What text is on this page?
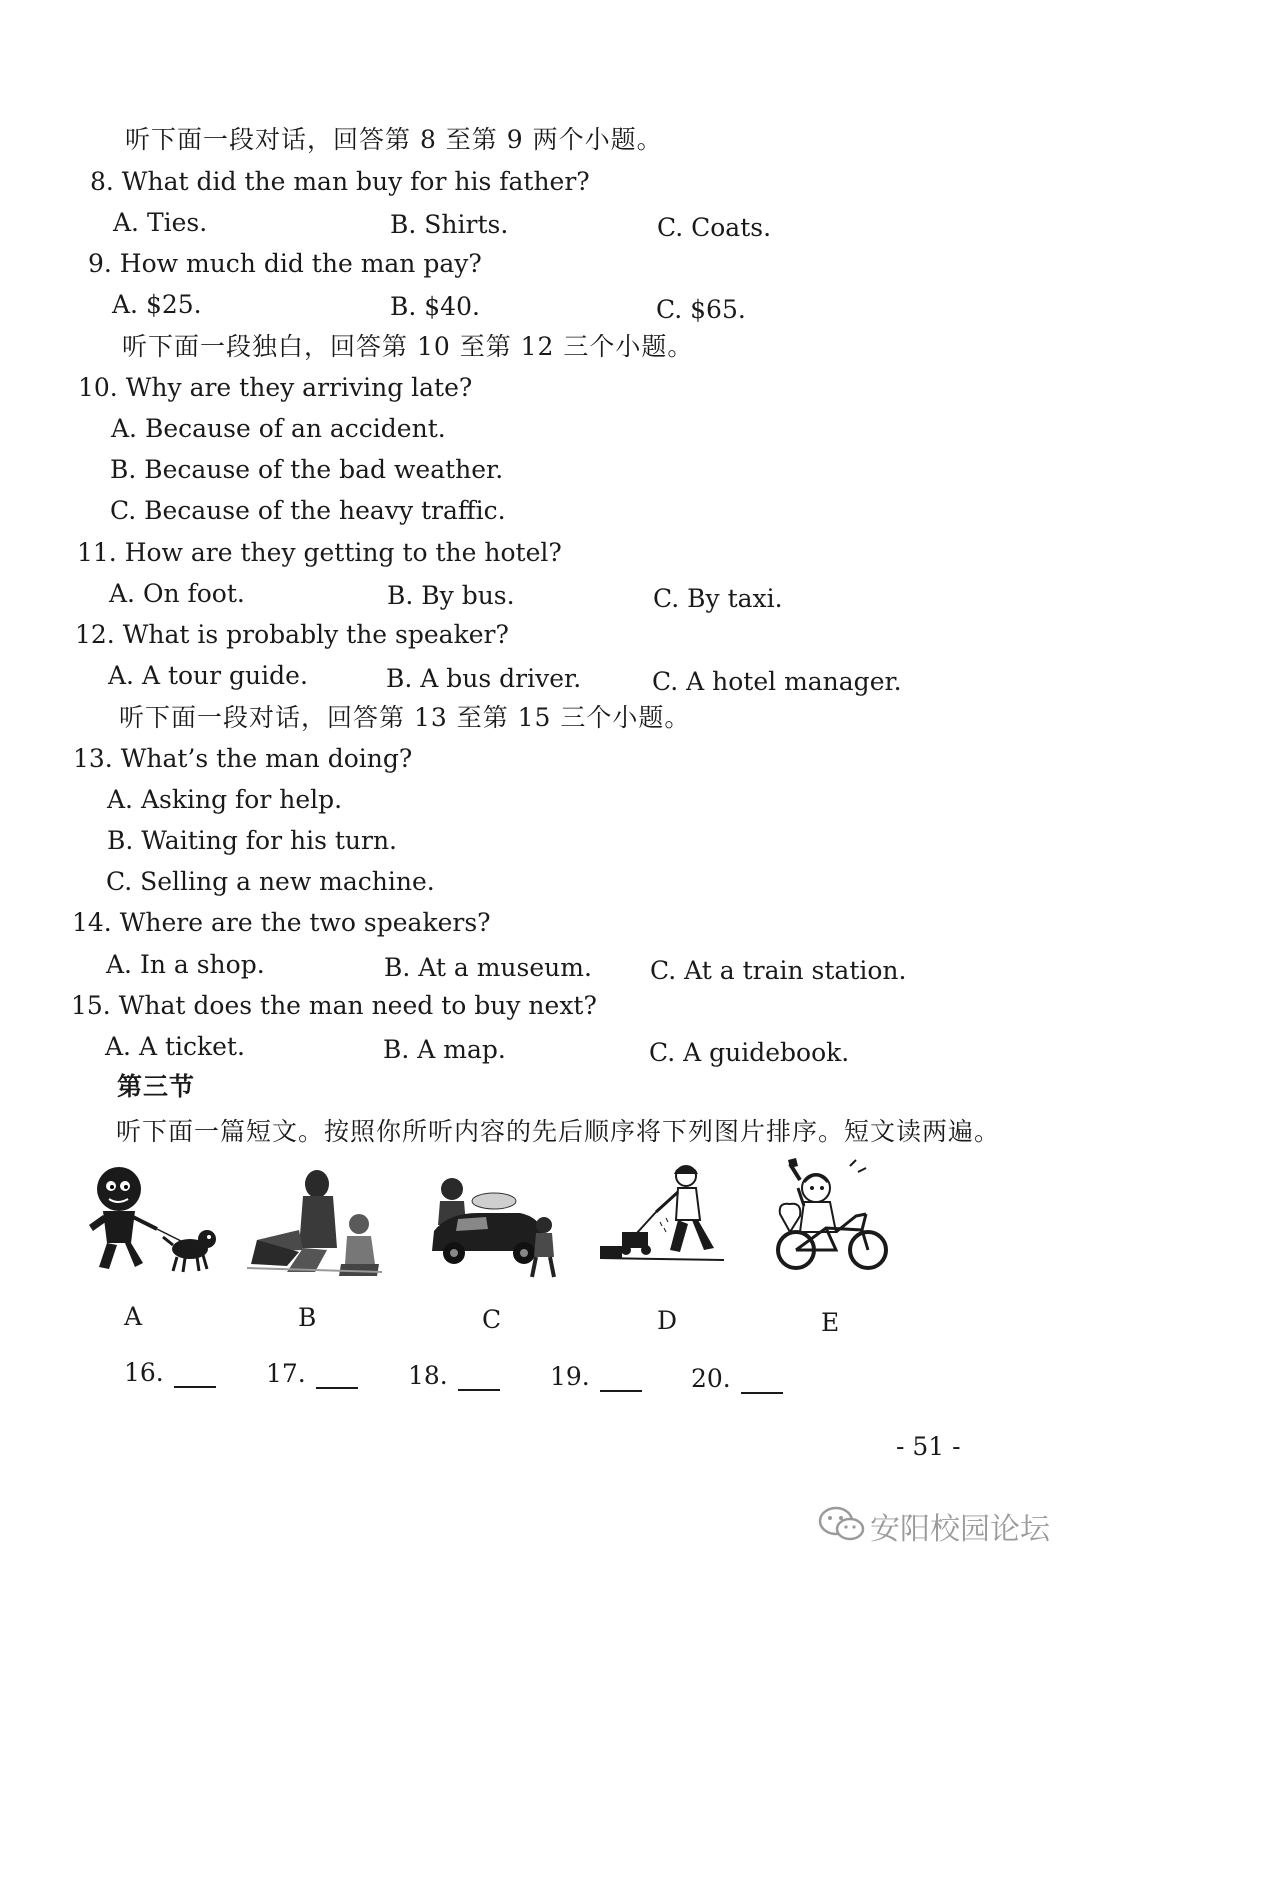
听下面一段对话，回答第 8 至第 9 两个小题。
8. What did the man buy for his father?
A. Ties.	B. Shirts.	C. Coats.
9. How much did the man pay?
A. $25.	B. $40.	C. $65.
听下面一段独白，回答第 10 至第 12 三个小题。
10. Why are they arriving late?
A. Because of an accident.
B. Because of the bad weather.
C. Because of the heavy traffic.
11. How are they getting to the hotel?
A. On foot.	B. By bus.	C. By taxi.
12. What is probably the speaker?
A. A tour guide.	B. A bus driver.	C. A hotel manager.
听下面一段对话，回答第 13 至第 15 三个小题。
13. What’s the man doing?
A. Asking for help.
B. Waiting for his turn.
C. Selling a new machine.
14. Where are the two speakers?
A. In a shop.	B. At a museum. C. At a train station.
15. What does the man need to buy next?
A. A ticket.	B. A map.	C. A guidebook.
第三节
听下面一篇短文。按照你所听内容的先后顺序将下列图片排序。短文读两遍。
A	B	C	D	E
16.	17.	18.	19.	20.
- 51 -
安阳校园论坛
